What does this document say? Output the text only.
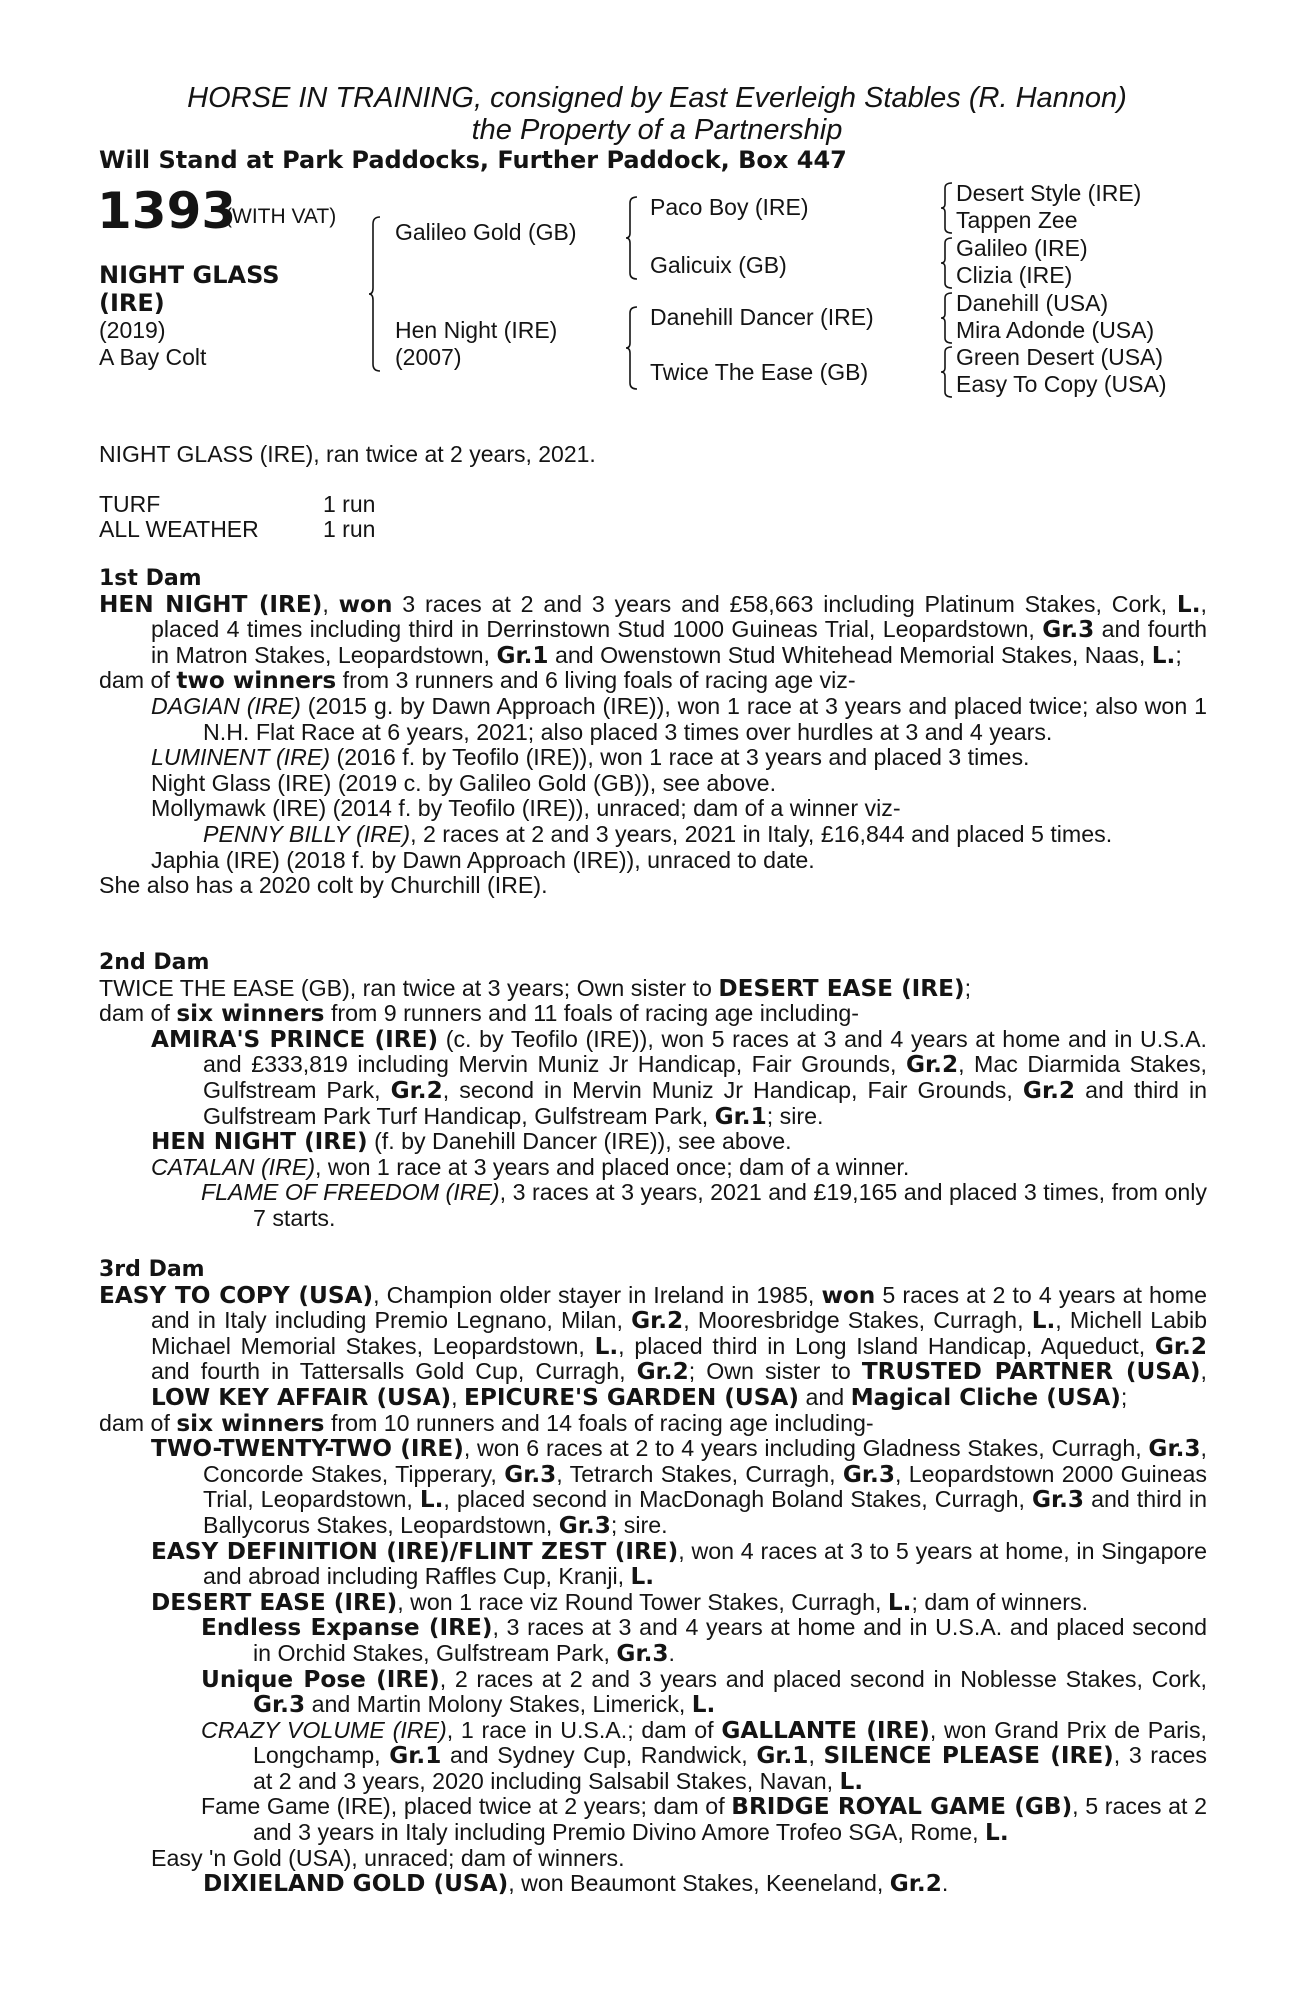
HORSE IN TRAINING, consigned by East Everleigh Stables (R. Hannon)
the Property of a Partnership
Will Stand at Park Paddocks, Further Paddock, Box 447
1393
(WITH VAT)
NIGHT GLASS
(IRE)
(2019)
A Bay Colt
Galileo Gold (GB)
Hen Night (IRE)
(2007)
Paco Boy (IRE)
Galicuix (GB)
Danehill Dancer (IRE)
Twice The Ease (GB)
Desert Style (IRE)
Tappen Zee
Galileo (IRE)
Clizia (IRE)
Danehill (USA)
Mira Adonde (USA)
Green Desert (USA)
Easy To Copy (USA)
NIGHT GLASS (IRE), ran twice at 2 years, 2021.
TURF	1 run
ALL WEATHER	1 run

1st Dam

HEN NIGHT (IRE), won 3 races at 2 and 3 years and £58,663 including Platinum Stakes, Cork, L., placed 4 times including third in Derrinstown Stud 1000 Guineas Trial, Leopardstown, Gr.3 and fourth in Matron Stakes, Leopardstown, Gr.1 and Owenstown Stud Whitehead Memorial Stakes, Naas, L.;

dam of two winners from 3 runners and 6 living foals of racing age viz-

DAGIAN (IRE) (2015 g. by Dawn Approach (IRE)), won 1 race at 3 years and placed twice; also won 1 N.H. Flat Race at 6 years, 2021; also placed 3 times over hurdles at 3 and 4 years.

LUMINENT (IRE) (2016 f. by Teofilo (IRE)), won 1 race at 3 years and placed 3 times.

Night Glass (IRE) (2019 c. by Galileo Gold (GB)), see above.

Mollymawk (IRE) (2014 f. by Teofilo (IRE)), unraced; dam of a winner viz-

PENNY BILLY (IRE), 2 races at 2 and 3 years, 2021 in Italy, £16,844 and placed 5 times.

Japhia (IRE) (2018 f. by Dawn Approach (IRE)), unraced to date.

She also has a 2020 colt by Churchill (IRE).

2nd Dam

TWICE THE EASE (GB), ran twice at 3 years; Own sister to DESERT EASE (IRE);

dam of six winners from 9 runners and 11 foals of racing age including-

AMIRA'S PRINCE (IRE) (c. by Teofilo (IRE)), won 5 races at 3 and 4 years at home and in U.S.A. and £333,819 including Mervin Muniz Jr Handicap, Fair Grounds, Gr.2, Mac Diarmida Stakes, Gulfstream Park, Gr.2, second in Mervin Muniz Jr Handicap, Fair Grounds, Gr.2 and third in Gulfstream Park Turf Handicap, Gulfstream Park, Gr.1; sire.

HEN NIGHT (IRE) (f. by Danehill Dancer (IRE)), see above.

CATALAN (IRE), won 1 race at 3 years and placed once; dam of a winner.

FLAME OF FREEDOM (IRE), 3 races at 3 years, 2021 and £19,165 and placed 3 times, from only 7 starts.

3rd Dam

EASY TO COPY (USA), Champion older stayer in Ireland in 1985, won 5 races at 2 to 4 years at home and in Italy including Premio Legnano, Milan, Gr.2, Mooresbridge Stakes, Curragh, L., Michell Labib Michael Memorial Stakes, Leopardstown, L., placed third in Long Island Handicap, Aqueduct, Gr.2 and fourth in Tattersalls Gold Cup, Curragh, Gr.2; Own sister to TRUSTED PARTNER (USA), LOW KEY AFFAIR (USA), EPICURE'S GARDEN (USA) and Magical Cliche (USA);

dam of six winners from 10 runners and 14 foals of racing age including-

TWO-TWENTY-TWO (IRE), won 6 races at 2 to 4 years including Gladness Stakes, Curragh, Gr.3, Concorde Stakes, Tipperary, Gr.3, Tetrarch Stakes, Curragh, Gr.3, Leopardstown 2000 Guineas Trial, Leopardstown, L., placed second in MacDonagh Boland Stakes, Curragh, Gr.3 and third in Ballycorus Stakes, Leopardstown, Gr.3; sire.

EASY DEFINITION (IRE)/FLINT ZEST (IRE), won 4 races at 3 to 5 years at home, in Singapore and abroad including Raffles Cup, Kranji, L.

DESERT EASE (IRE), won 1 race viz Round Tower Stakes, Curragh, L.; dam of winners.

Endless Expanse (IRE), 3 races at 3 and 4 years at home and in U.S.A. and placed second in Orchid Stakes, Gulfstream Park, Gr.3.

Unique Pose (IRE), 2 races at 2 and 3 years and placed second in Noblesse Stakes, Cork, Gr.3 and Martin Molony Stakes, Limerick, L.

CRAZY VOLUME (IRE), 1 race in U.S.A.; dam of GALLANTE (IRE), won Grand Prix de Paris, Longchamp, Gr.1 and Sydney Cup, Randwick, Gr.1, SILENCE PLEASE (IRE), 3 races at 2 and 3 years, 2020 including Salsabil Stakes, Navan, L.

Fame Game (IRE), placed twice at 2 years; dam of BRIDGE ROYAL GAME (GB), 5 races at 2 and 3 years in Italy including Premio Divino Amore Trofeo SGA, Rome, L.

Easy 'n Gold (USA), unraced; dam of winners.

DIXIELAND GOLD (USA), won Beaumont Stakes, Keeneland, Gr.2.
